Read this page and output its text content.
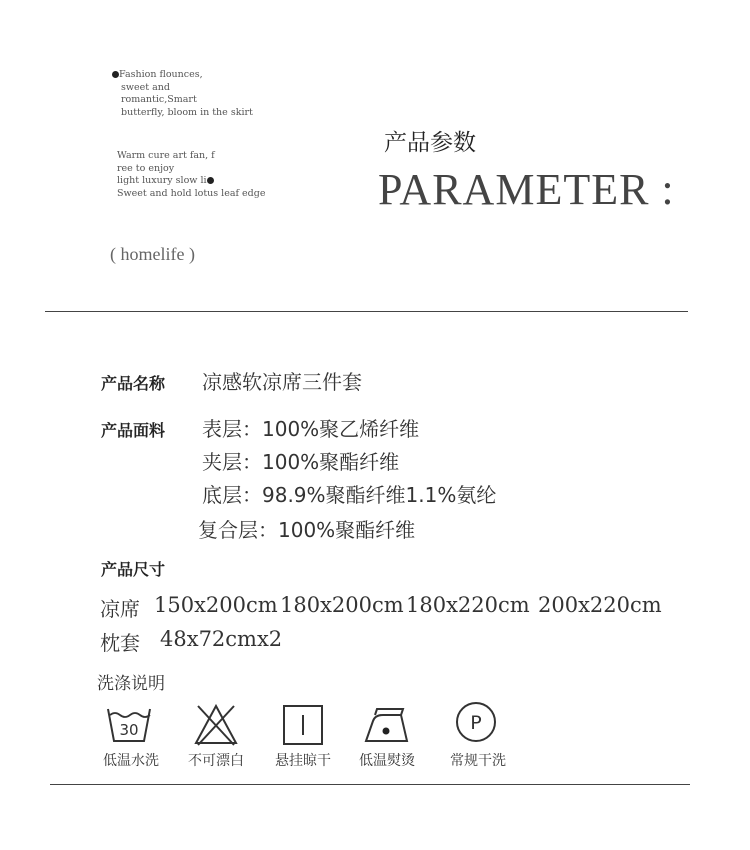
Fashion flounces,
sweet and
romantic,Smart
butterfly, bloom in the skirt
Warm cure art fan, f
ree to enjoy
light luxury slow li
Sweet and hold lotus leaf edge
( homelife )
产品参数
PARAMETER :
产品名称 凉感软凉席三件套
产品面料 表层：100%聚乙烯纤维
夹层：100%聚酯纤维
底层：98.9%聚酯纤维1.1%氨纶
复合层：100%聚酯纤维
产品尺寸
凉席 150x200cm 180x200cm 180x220cm 200x220cm
枕套 48x72cmx2
洗涤说明
30
低温水洗 不可漂白 悬挂晾干 低温熨烫
P
常规干洗
